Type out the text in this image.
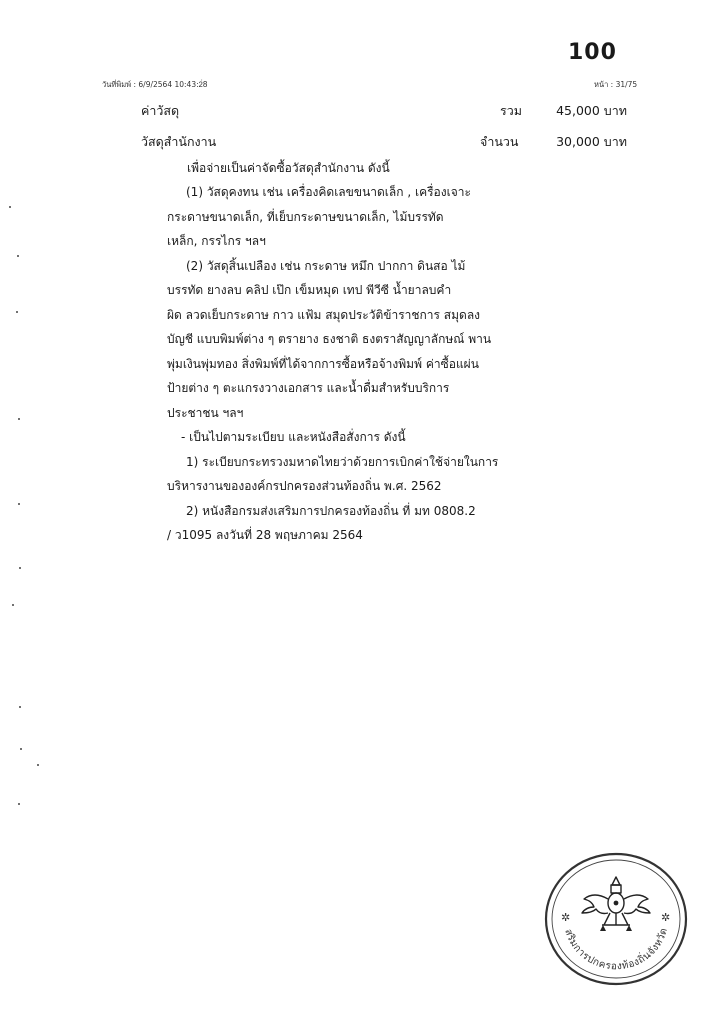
100
วันที่พิมพ์ : 6/9/2564 10:43:2่8	หน้า : 31/75
ค่าวัสดุ	รวม	45,000 บาท
วัสดุสำนักงาน	จำนวน	30,000 บาท
เพื่อจ่ายเป็นค่าจัดซื้อวัสดุสำนักงาน ดังนี้
(1) วัสดุคงทน เช่น เครื่องคิดเลขขนาดเล็ก , เครื่องเจาะ
กระดาษขนาดเล็ก, ที่เย็บกระดาษขนาดเล็ก, ไม้บรรทัด
เหล็ก, กรรไกร ฯลฯ
(2) วัสดุสิ้นเปลือง เช่น กระดาษ หมึก ปากกา ดินสอ ไม้
บรรทัด ยางลบ คลิป เป๊ก เข็มหมุด เทป พีวีซี น้ำยาลบคำ
ผิด ลวดเย็บกระดาษ กาว แฟ้ม สมุดประวัติข้าราชการ สมุดลง
บัญชี แบบพิมพ์ต่าง ๆ ตรายาง ธงชาติ ธงตราสัญญาลักษณ์ พาน
พุ่มเงินพุ่มทอง สิ่งพิมพ์ที่ได้จากการซื้อหรือจ้างพิมพ์ ค่าซื้อแผ่น
ป้ายต่าง ๆ ตะแกรงวางเอกสาร และน้ำดื่มสำหรับบริการ
ประชาชน ฯลฯ
- เป็นไปตามระเบียบ และหนังสือสั่งการ ดังนี้
1) ระเบียบกระทรวงมหาดไทยว่าด้วยการเบิกค่าใช้จ่ายในการ
บริหารงานขององค์กรปกครองส่วนท้องถิ่น พ.ศ. 2562
2) หนังสือกรมส่งเสริมการปกครองท้องถิ่น ที่ มท 0808.2
/ ว1095 ลงวันที่ 28 พฤษภาคม 2564
✲	✲
สริมการปกครองท้องถิ่นจังหวัด
